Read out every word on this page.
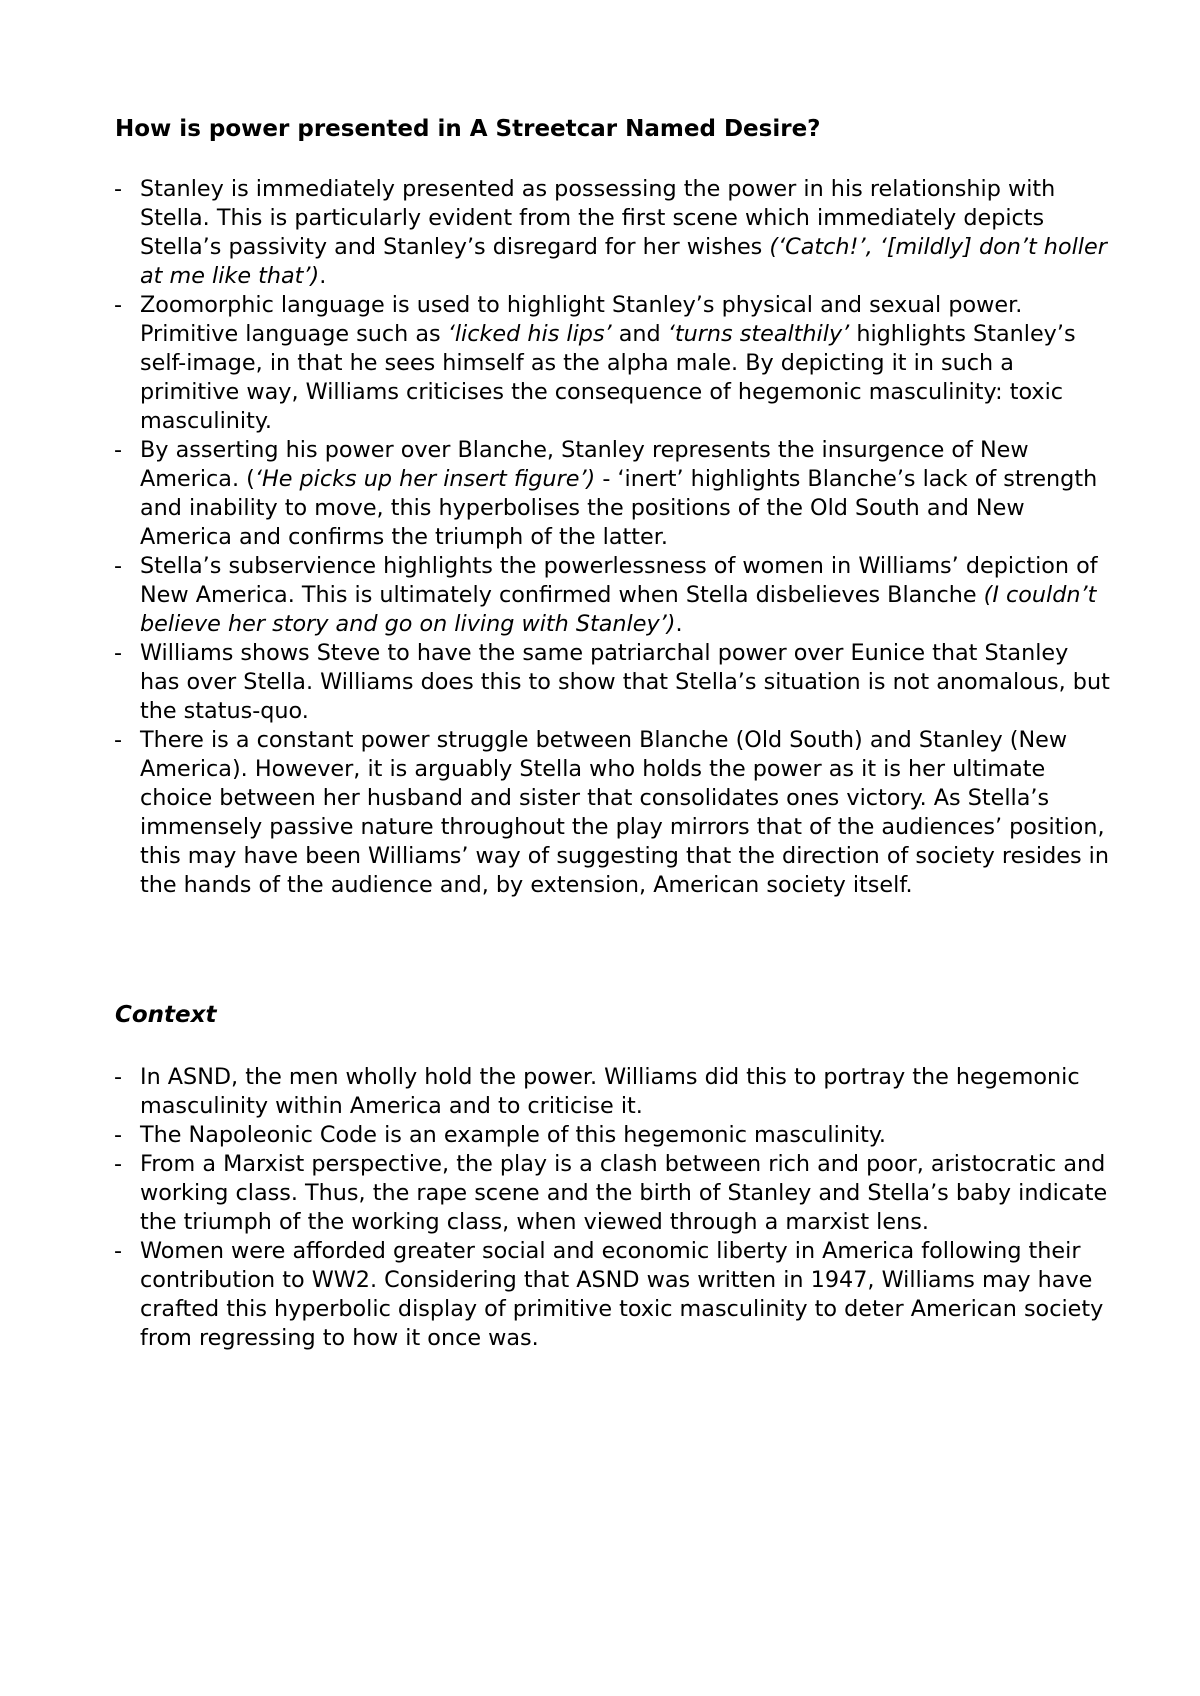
How is power presented in A Streetcar Named Desire?
- Stanley is immediately presented as possessing the power in his relationship with Stella. This is particularly evident from the first scene which immediately depicts Stella’s passivity and Stanley’s disregard for her wishes (‘Catch!’, ‘[mildly] don’t holler at me like that’).
- Zoomorphic language is used to highlight Stanley’s physical and sexual power. Primitive language such as ‘licked his lips’ and ‘turns stealthily’ highlights Stanley’s self-image, in that he sees himself as the alpha male. By depicting it in such a primitive way, Williams criticises the consequence of hegemonic masculinity: toxic masculinity.
- By asserting his power over Blanche, Stanley represents the insurgence of New America. (‘He picks up her insert figure’) - ‘inert’ highlights Blanche’s lack of strength and inability to move, this hyperbolises the positions of the Old South and New America and confirms the triumph of the latter.
- Stella’s subservience highlights the powerlessness of women in Williams’ depiction of New America. This is ultimately confirmed when Stella disbelieves Blanche (I couldn’t believe her story and go on living with Stanley’).
- Williams shows Steve to have the same patriarchal power over Eunice that Stanley has over Stella. Williams does this to show that Stella’s situation is not anomalous, but the status-quo.
- There is a constant power struggle between Blanche (Old South) and Stanley (New America). However, it is arguably Stella who holds the power as it is her ultimate choice between her husband and sister that consolidates ones victory. As Stella’s immensely passive nature throughout the play mirrors that of the audiences’ position, this may have been Williams’ way of suggesting that the direction of society resides in the hands of the audience and, by extension, American society itself.
Context
- In ASND, the men wholly hold the power. Williams did this to portray the hegemonic masculinity within America and to criticise it.
- The Napoleonic Code is an example of this hegemonic masculinity.
- From a Marxist perspective, the play is a clash between rich and poor, aristocratic and working class. Thus, the rape scene and the birth of Stanley and Stella’s baby indicate the triumph of the working class, when viewed through a marxist lens.
- Women were afforded greater social and economic liberty in America following their contribution to WW2. Considering that ASND was written in 1947, Williams may have crafted this hyperbolic display of primitive toxic masculinity to deter American society from regressing to how it once was.
